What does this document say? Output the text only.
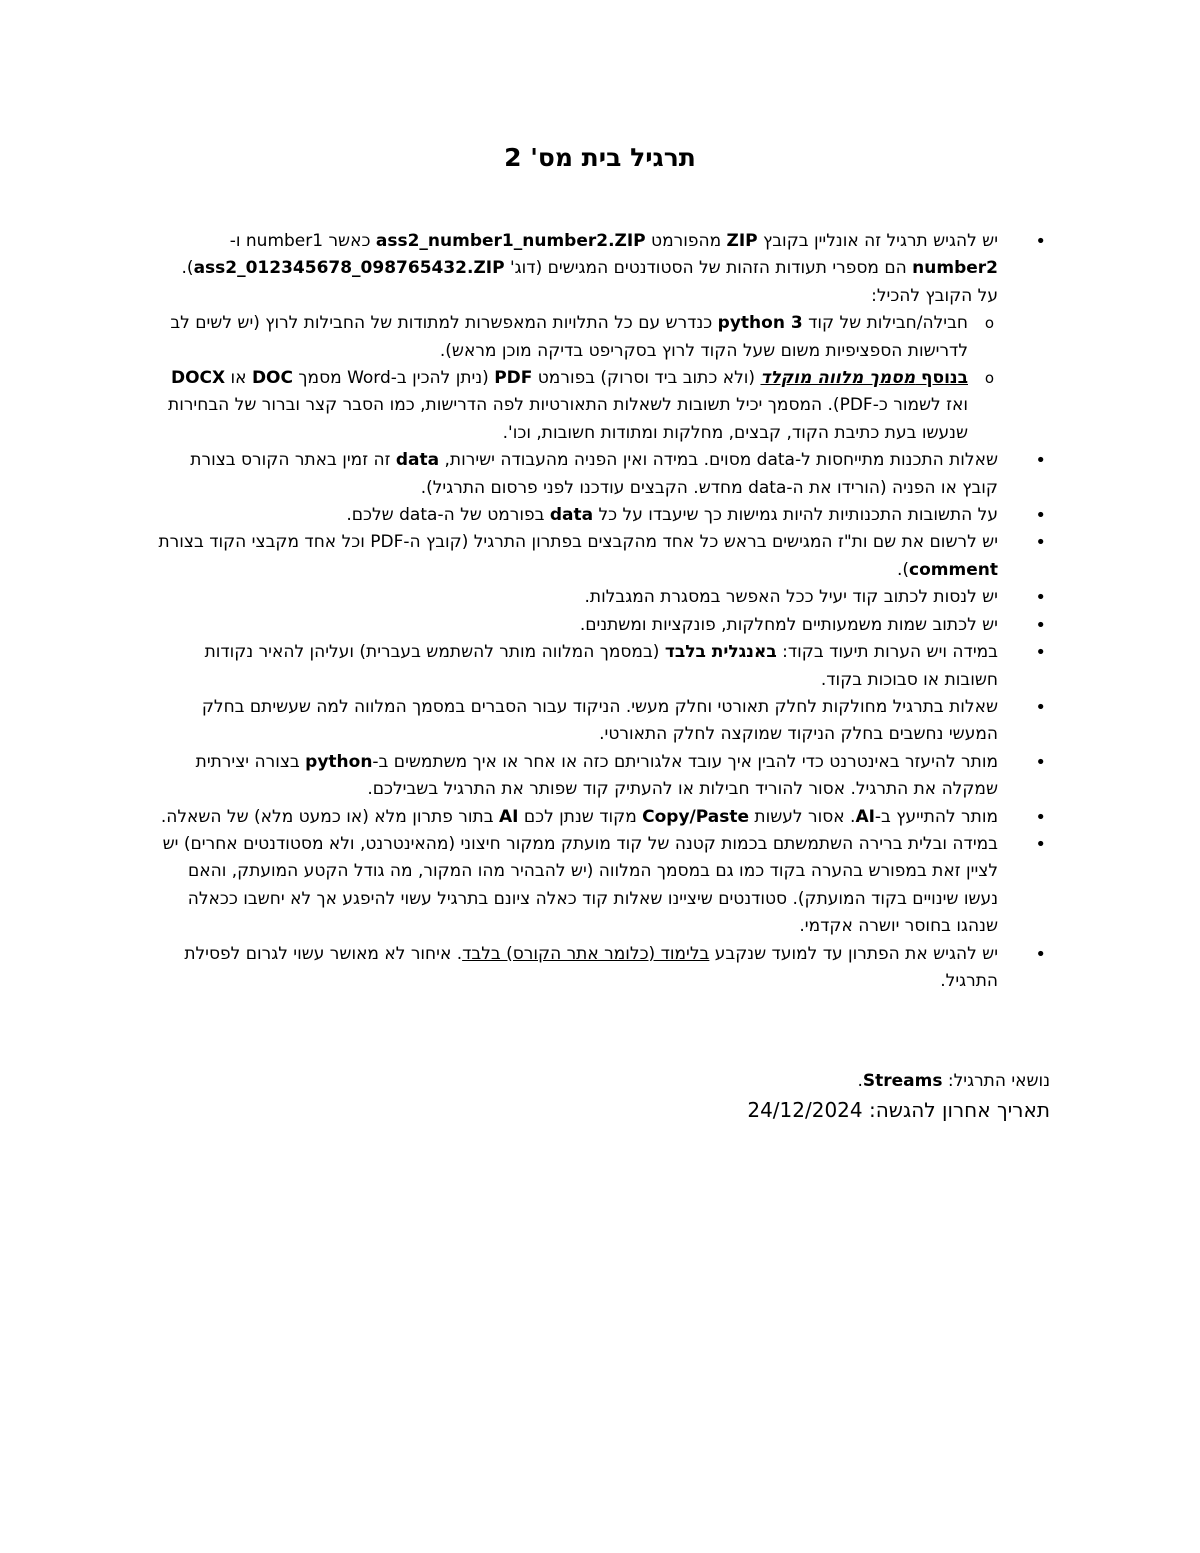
תרגיל בית מס' 2
• יש להגיש תרגיל זה אונליין בקובץ ZIP מהפורמט ass2_number1_number2.ZIP כאשר number1 ו- number2 הם מספרי תעודות הזהות של הסטודנטים המגישים (דוג' ass2_012345678_098765432.ZIP).
על הקובץ להכיל:
o חבילה/חבילות של קוד python 3 כנדרש עם כל התלויות המאפשרות למתודות של החבילות לרוץ (יש לשים לב לדרישות הספציפיות משום שעל הקוד לרוץ בסקריפט בדיקה מוכן מראש).
o בנוסף מסמך מלווה מוקלד (ולא כתוב ביד וסרוק) בפורמט PDF (ניתן להכין ב-Word מסמך DOC או DOCX ואז לשמור כ-PDF). המסמך יכיל תשובות לשאלות התאורטיות לפה הדרישות, כמו הסבר קצר וברור של הבחירות שנעשו בעת כתיבת הקוד, קבצים, מחלקות ומתודות חשובות, וכו'.
• שאלות התכנות מתייחסות ל-data מסוים. במידה ואין הפניה מהעבודה ישירות, data זה זמין באתר הקורס בצורת קובץ או הפניה (הורידו את ה-data מחדש. הקבצים עודכנו לפני פרסום התרגיל).
• על התשובות התכנותיות להיות גמישות כך שיעבדו על כל data בפורמט של ה-data שלכם.
• יש לרשום את שם ות"ז המגישים בראש כל אחד מהקבצים בפתרון התרגיל (קובץ ה-PDF וכל אחד מקבצי הקוד בצורת comment).
• יש לנסות לכתוב קוד יעיל ככל האפשר במסגרת המגבלות.
• יש לכתוב שמות משמעותיים למחלקות, פונקציות ומשתנים.
• במידה ויש הערות תיעוד בקוד: באנגלית בלבד (במסמך המלווה מותר להשתמש בעברית) ועליהן להאיר נקודות חשובות או סבוכות בקוד.
• שאלות בתרגיל מחולקות לחלק תאורטי וחלק מעשי. הניקוד עבור הסברים במסמך המלווה למה שעשיתם בחלק המעשי נחשבים בחלק הניקוד שמוקצה לחלק התאורטי.
• מותר להיעזר באינטרנט כדי להבין איך עובד אלגוריתם כזה או אחר או איך משתמשים ב-python בצורה יצירתית שמקלה את התרגיל. אסור להוריד חבילות או להעתיק קוד שפותר את התרגיל בשבילכם.
• מותר להתייעץ ב-AI. אסור לעשות Copy/Paste מקוד שנתן לכם AI בתור פתרון מלא (או כמעט מלא) של השאלה.
• במידה ובלית ברירה השתמשתם בכמות קטנה של קוד מועתק ממקור חיצוני (מהאינטרנט, ולא מסטודנטים אחרים) יש לציין זאת במפורש בהערה בקוד כמו גם במסמך המלווה (יש להבהיר מהו המקור, מה גודל הקטע המועתק, והאם נעשו שינויים בקוד המועתק). סטודנטים שיציינו שאלות קוד כאלה ציונם בתרגיל עשוי להיפגע אך לא יחשבו ככאלה שנהגו בחוסר יושרה אקדמי.
• יש להגיש את הפתרון עד למועד שנקבע בלימוד (כלומר אתר הקורס) בלבד. איחור לא מאושר עשוי לגרום לפסילת התרגיל.
נושאי התרגיל: Streams.
תאריך אחרון להגשה: 24/12/2024
